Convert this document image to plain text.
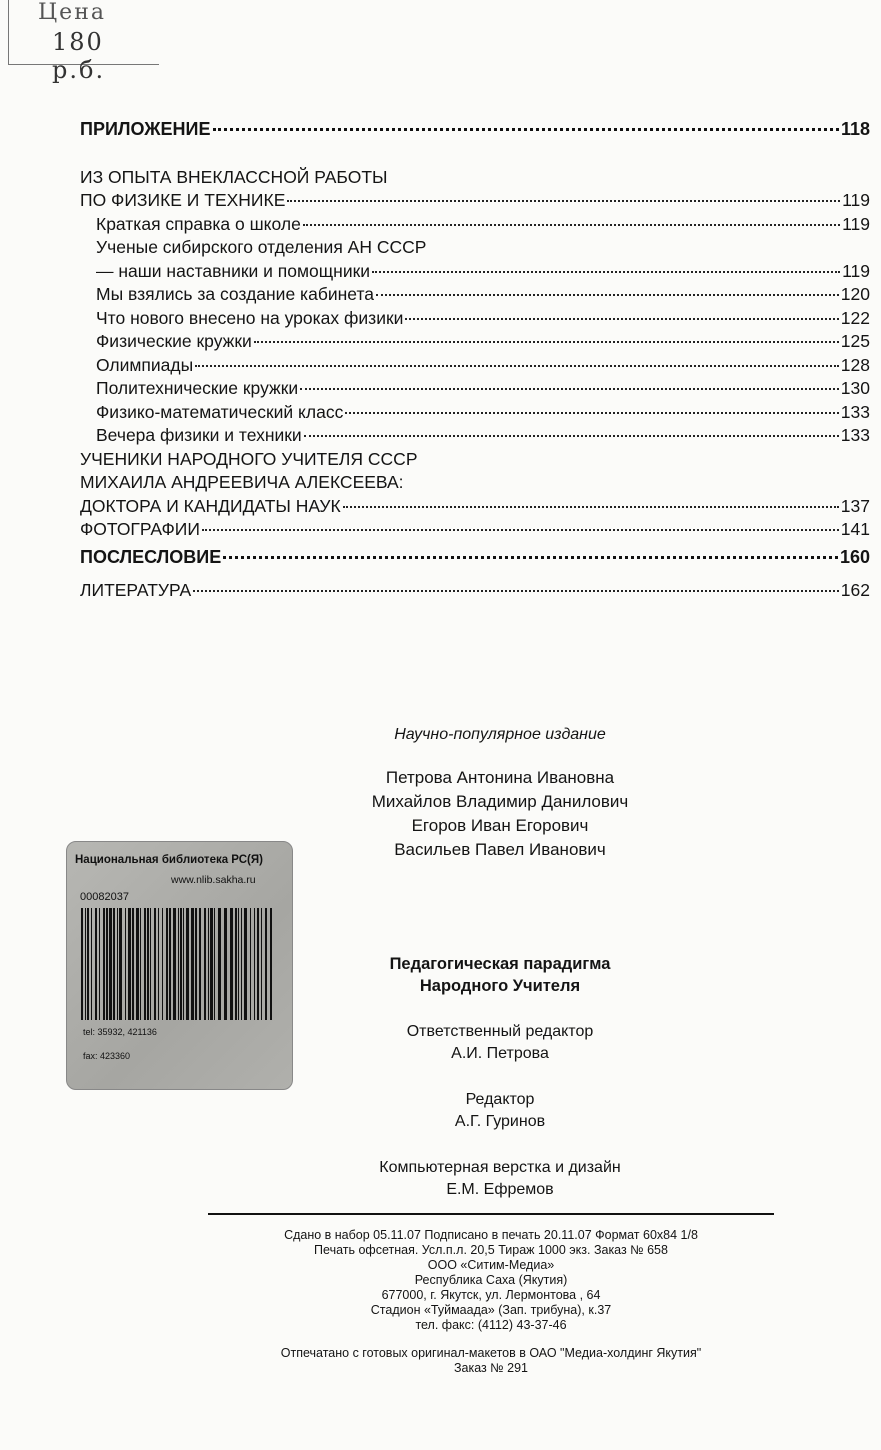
Цена
180 р.б.
ПРИЛОЖЕНИЕ	118
ИЗ ОПЫТА ВНЕКЛАССНОЙ РАБОТЫ
ПО ФИЗИКЕ И ТЕХНИКЕ	119
Краткая справка о школе	119
Ученые сибирского отделения АН СССР
— наши наставники и помощники	119
Мы взялись за создание кабинета	120
Что нового внесено на уроках физики	122
Физические кружки	125
Олимпиады	128
Политехнические кружки	130
Физико-математический класс	133
Вечера физики и техники	133
УЧЕНИКИ НАРОДНОГО УЧИТЕЛЯ СССР
МИХАИЛА АНДРЕЕВИЧА АЛЕКСЕЕВА:
ДОКТОРА И КАНДИДАТЫ НАУК	137
ФОТОГРАФИИ	141
ПОСЛЕСЛОВИЕ	160
ЛИТЕРАТУРА	162
Научно-популярное издание
Петрова Антонина Ивановна
Михайлов Владимир Данилович
Егоров Иван Егорович
Васильев Павел Иванович
Национальная библиотека РС(Я)
www.nlib.sakha.ru
00082037
tel: 35932, 421136
fax: 423360
Педагогическая парадигма
Народного Учителя
Ответственный редактор
А.И. Петрова
Редактор
А.Г. Гуринов
Компьютерная верстка и дизайн
Е.М. Ефремов
Сдано в набор 05.11.07 Подписано в печать 20.11.07 Формат 60х84 1/8
Печать офсетная. Усл.п.л. 20,5 Тираж 1000 экз. Заказ № 658
ООО «Ситим-Медиа»
Республика Саха (Якутия)
677000, г. Якутск, ул. Лермонтова , 64
Стадион «Туймаада» (Зап. трибуна), к.37
тел. факс: (4112) 43-37-46
Отпечатано с готовых оригинал-макетов в ОАО "Медиа-холдинг Якутия"
Заказ № 291
